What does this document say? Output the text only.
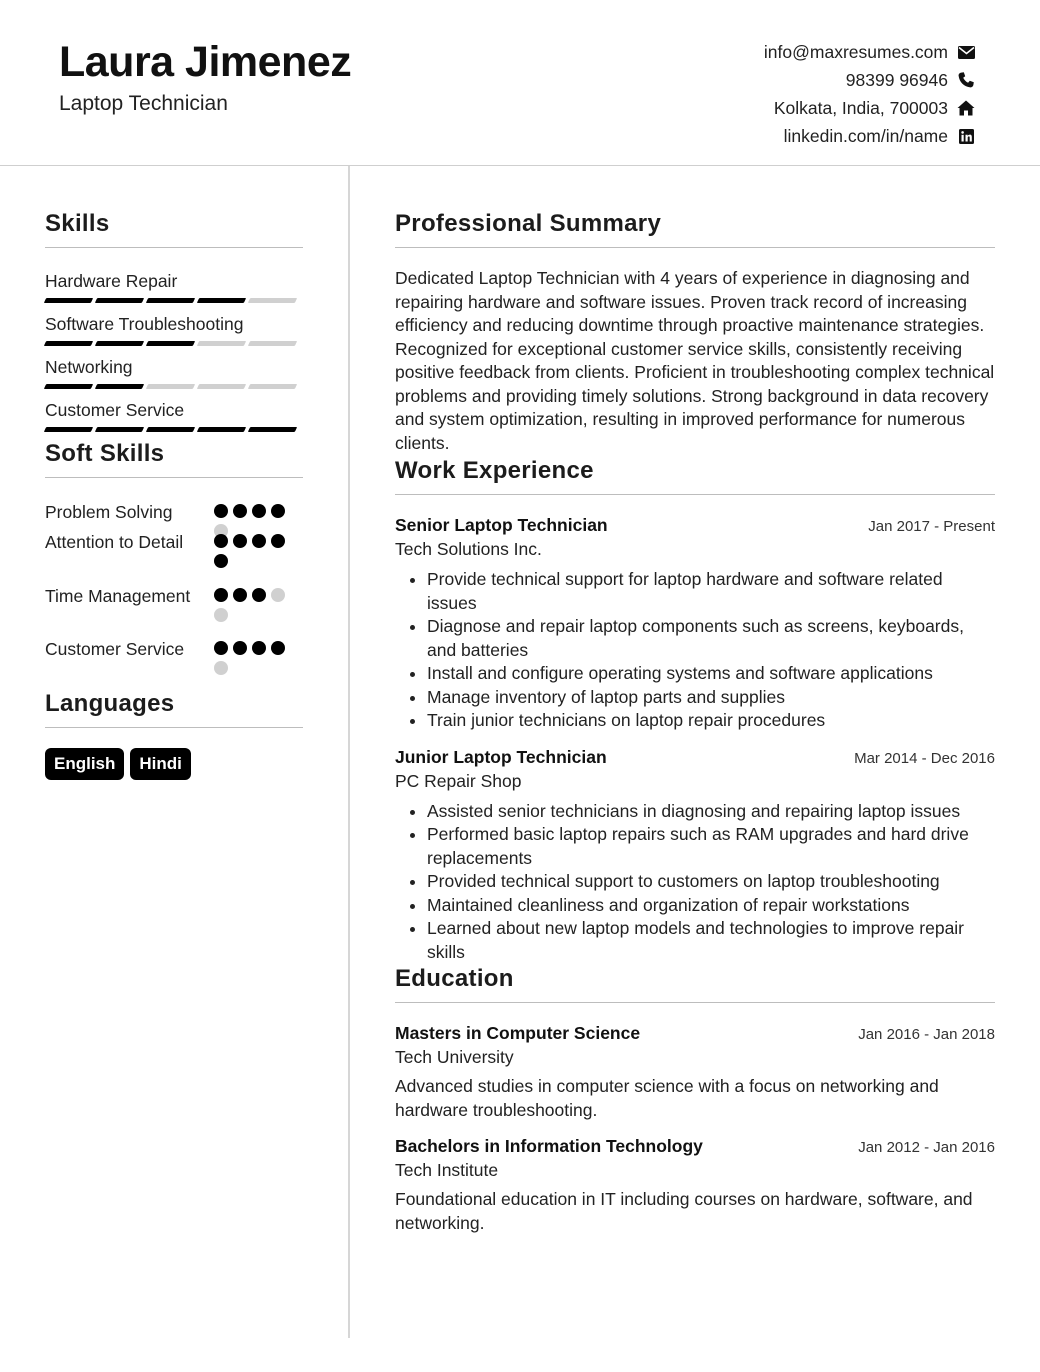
Laura Jimenez
Laptop Technician
info@maxresumes.com
98399 96946
Kolkata, India, 700003
linkedin.com/in/name
Skills
Hardware Repair
Software Troubleshooting
Networking
Customer Service
Soft Skills
Problem Solving
Attention to Detail
Time Management
Customer Service
Languages
English	Hindi
Professional Summary
Dedicated Laptop Technician with 4 years of experience in diagnosing and repairing hardware and software issues. Proven track record of increasing efficiency and reducing downtime through proactive maintenance strategies. Recognized for exceptional customer service skills, consistently receiving positive feedback from clients. Proficient in troubleshooting complex technical problems and providing timely solutions. Strong background in data recovery and system optimization, resulting in improved performance for numerous clients.
Work Experience
Senior Laptop Technician	Jan 2017 - Present
Tech Solutions Inc.
• Provide technical support for laptop hardware and software related issues
• Diagnose and repair laptop components such as screens, keyboards, and batteries
• Install and configure operating systems and software applications
• Manage inventory of laptop parts and supplies
• Train junior technicians on laptop repair procedures
Junior Laptop Technician	Mar 2014 - Dec 2016
PC Repair Shop
• Assisted senior technicians in diagnosing and repairing laptop issues
• Performed basic laptop repairs such as RAM upgrades and hard drive replacements
• Provided technical support to customers on laptop troubleshooting
• Maintained cleanliness and organization of repair workstations
• Learned about new laptop models and technologies to improve repair skills
Education
Masters in Computer Science	Jan 2016 - Jan 2018
Tech University
Advanced studies in computer science with a focus on networking and hardware troubleshooting.
Bachelors in Information Technology	Jan 2012 - Jan 2016
Tech Institute
Foundational education in IT including courses on hardware, software, and networking.
